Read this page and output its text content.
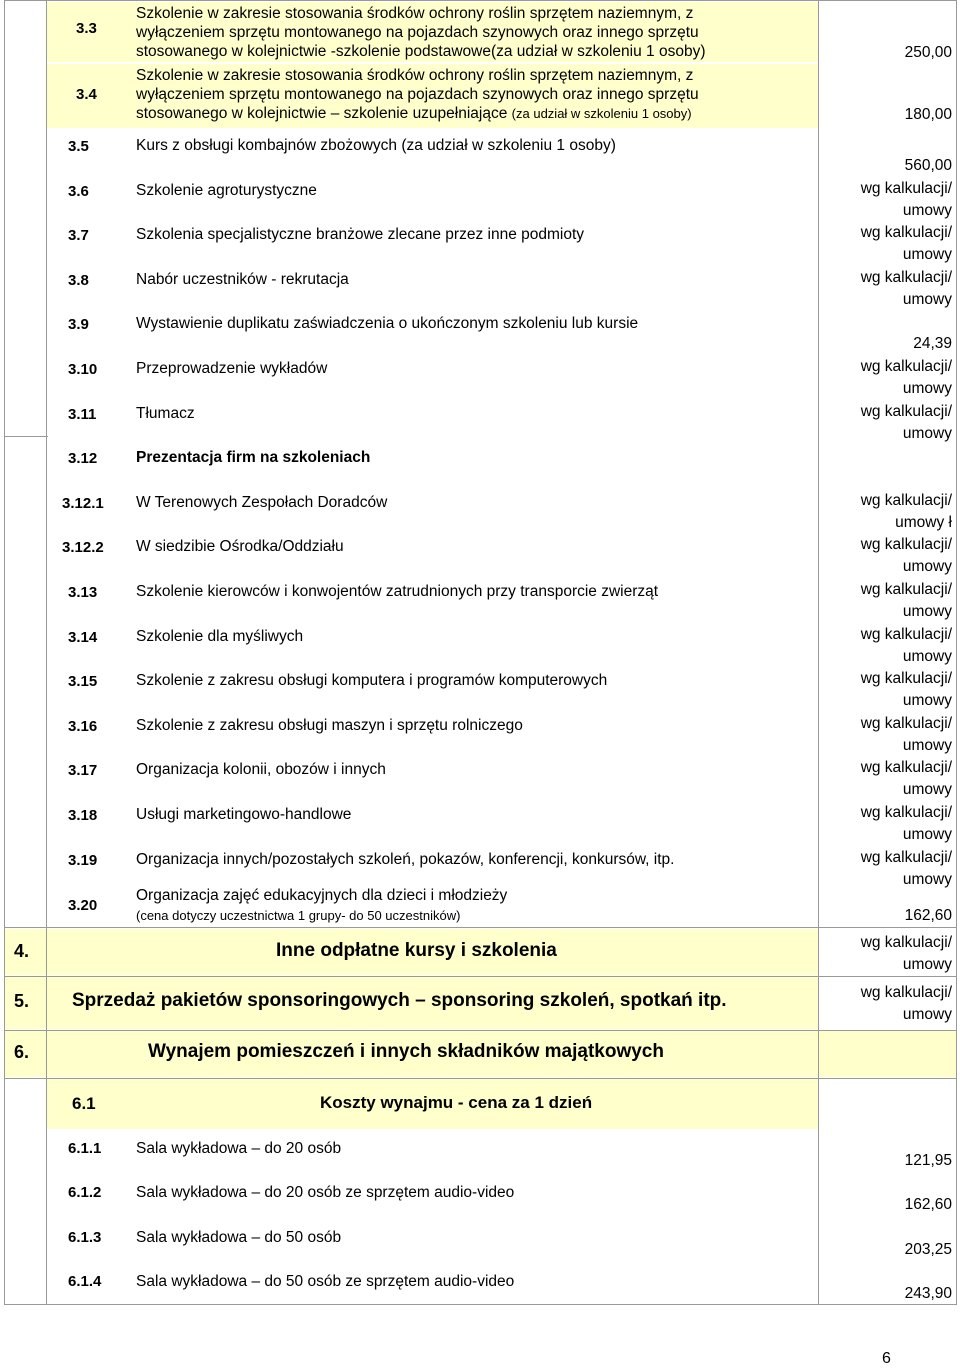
3.3
Szkolenie w zakresie stosowania środków ochrony roślin sprzętem naziemnym, z
wyłączeniem sprzętu montowanego na pojazdach szynowych oraz innego sprzętu
stosowanego w kolejnictwie -szkolenie podstawowe(za udział w szkoleniu 1 osoby)	250,00
3.4
Szkolenie w zakresie stosowania środków ochrony roślin sprzętem naziemnym, z
wyłączeniem sprzętu montowanego na pojazdach szynowych oraz innego sprzętu
stosowanego w kolejnictwie – szkolenie uzupełniające (za udział w szkoleniu 1 osoby)	180,00
3.5	Kurs z obsługi kombajnów zbożowych (za udział w szkoleniu 1 osoby)
560,00
3.6	Szkolenie agroturystyczne	wg kalkulacji/
umowy
3.7	Szkolenia specjalistyczne branżowe zlecane przez inne podmioty	wg kalkulacji/
umowy
3.8	Nabór uczestników - rekrutacja	wg kalkulacji/
umowy
3.9	Wystawienie duplikatu zaświadczenia o ukończonym szkoleniu lub kursie
24,39
3.10	Przeprowadzenie wykładów	wg kalkulacji/
umowy
3.11	Tłumacz	wg kalkulacji/
umowy
3.12	Prezentacja firm na szkoleniach
3.12.1 W Terenowych Zespołach Doradców	wg kalkulacji/
umowy ł
3.12.2 W siedzibie Ośrodka/Oddziału	wg kalkulacji/
umowy
3.13	Szkolenie kierowców i konwojentów zatrudnionych przy transporcie zwierząt	wg kalkulacji/
umowy
3.14	Szkolenie dla myśliwych	wg kalkulacji/
umowy
3.15	Szkolenie z zakresu obsługi komputera i programów komputerowych	wg kalkulacji/
umowy
3.16	Szkolenie z zakresu obsługi maszyn i sprzętu rolniczego	wg kalkulacji/
umowy
3.17	Organizacja kolonii, obozów i innych	wg kalkulacji/
umowy
3.18	Usługi marketingowo-handlowe	wg kalkulacji/
umowy
3.19	Organizacja innych/pozostałych szkoleń, pokazów, konferencji, konkursów, itp.	wg kalkulacji/
umowy
3.20
Organizacja zajęć edukacyjnych dla dzieci i młodzieży
(cena dotyczy uczestnictwa 1 grupy- do 50 uczestników)	162,60
4.	Inne odpłatne kursy i szkolenia	wg kalkulacji/
umowy
5. Sprzedaż pakietów sponsoringowych – sponsoring szkoleń, spotkań itp.	wg kalkulacji/
umowy
6.	Wynajem pomieszczeń i innych składników majątkowych
6.1	Koszty wynajmu - cena za 1 dzień
6.1.1 Sala wykładowa – do 20 osób
121,95
6.1.2 Sala wykładowa – do 20 osób ze sprzętem audio-video
162,60
6.1.3 Sala wykładowa – do 50 osób
203,25
6.1.4 Sala wykładowa – do 50 osób ze sprzętem audio-video
243,90
6
